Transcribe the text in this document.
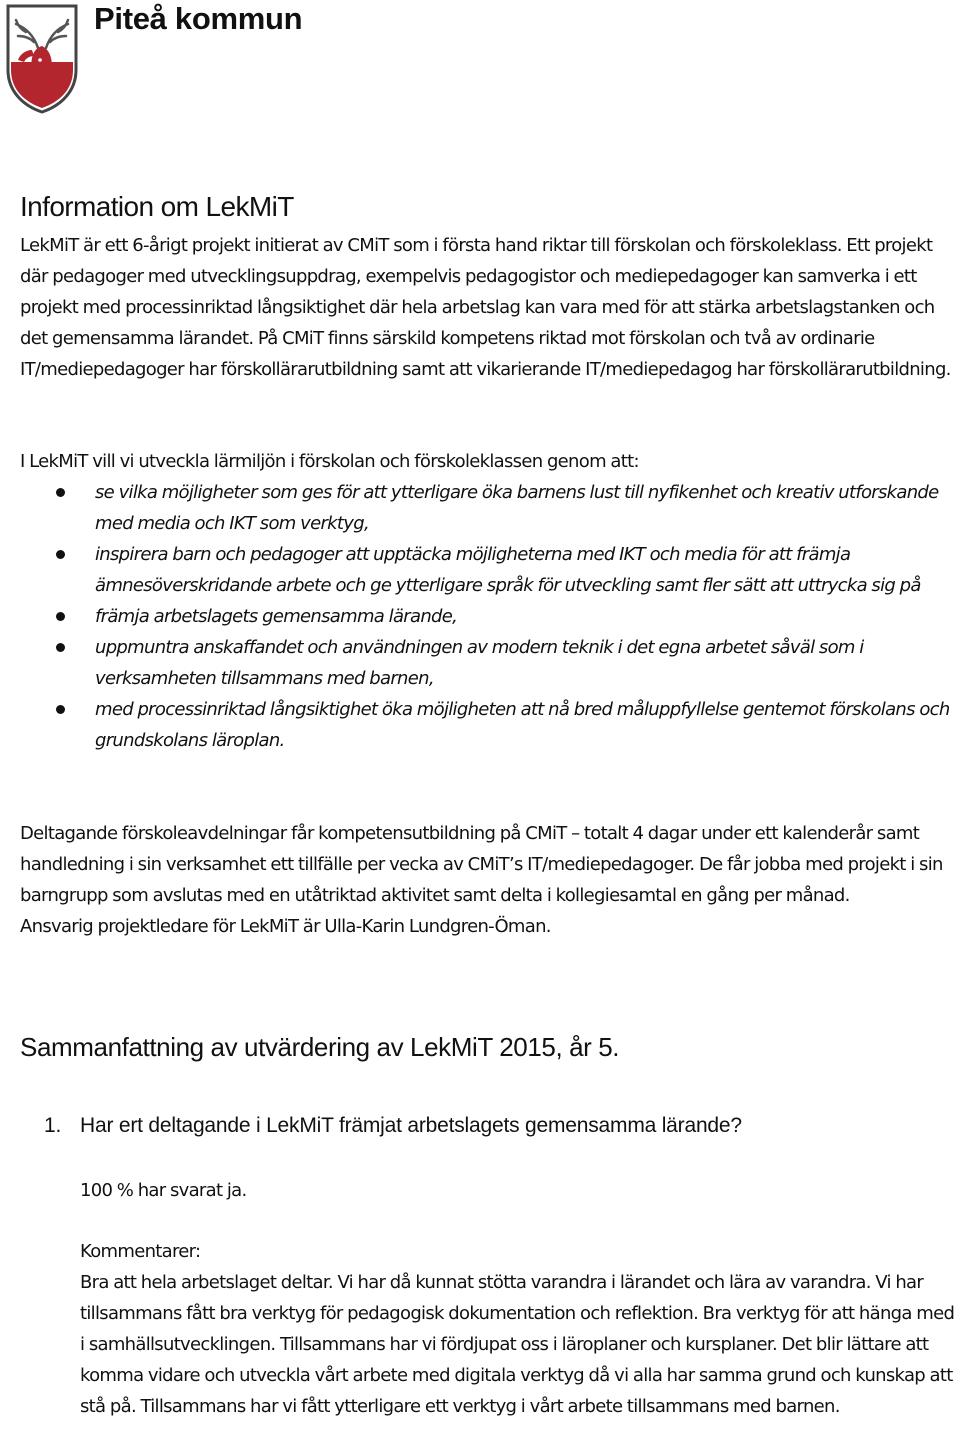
Piteå kommun
Information om LekMiT

LekMiT är ett 6-årigt projekt initierat av CMiT som i första hand riktar till förskolan och förskoleklass. Ett projekt där pedagoger med utvecklingsuppdrag, exempelvis pedagogistor och mediepedagoger kan samverka i ett projekt med processinriktad långsiktighet där hela arbetslag kan vara med för att stärka arbetslagstanken och det gemensamma lärandet. På CMiT finns särskild kompetens riktad mot förskolan och två av ordinarie IT/mediepedagoger har förskollärarutbildning samt att vikarierande IT/mediepedagog har förskollärarutbildning.

I LekMiT vill vi utveckla lärmiljön i förskolan och förskoleklassen genom att:

se vilka möjligheter som ges för att ytterligare öka barnens lust till nyfikenhet och kreativ utforskande med media och IKT som verktyg,
inspirera barn och pedagoger att upptäcka möjligheterna med IKT och media för att främja ämnesöverskridande arbete och ge ytterligare språk för utveckling samt fler sätt att uttrycka sig på
främja arbetslagets gemensamma lärande,
uppmuntra anskaffandet och användningen av modern teknik i det egna arbetet såväl som i verksamheten tillsammans med barnen,
med processinriktad långsiktighet öka möjligheten att nå bred måluppfyllelse gentemot förskolans och grundskolans läroplan.
Deltagande förskoleavdelningar får kompetensutbildning på CMiT – totalt 4 dagar under ett kalenderår samt handledning i sin verksamhet ett tillfälle per vecka av CMiT’s IT/mediepedagoger. De får jobba med projekt i sin barngrupp som avslutas med en utåtriktad aktivitet samt delta i kollegiesamtal en gång per månad.
Ansvarig projektledare för LekMiT är Ulla-Karin Lundgren-Öman.
Sammanfattning av utvärdering av LekMiT 2015, år 5.
1. Har ert deltagande i LekMiT främjat arbetslagets gemensamma lärande?
100 % har svarat ja.
Kommentarer:
Bra att hela arbetslaget deltar. Vi har då kunnat stötta varandra i lärandet och lära av varandra. Vi har tillsammans fått bra verktyg för pedagogisk dokumentation och reflektion. Bra verktyg för att hänga med i samhällsutvecklingen. Tillsammans har vi fördjupat oss i läroplaner och kursplaner. Det blir lättare att komma vidare och utveckla vårt arbete med digitala verktyg då vi alla har samma grund och kunskap att stå på. Tillsammans har vi fått ytterligare ett verktyg i vårt arbete tillsammans med barnen.
